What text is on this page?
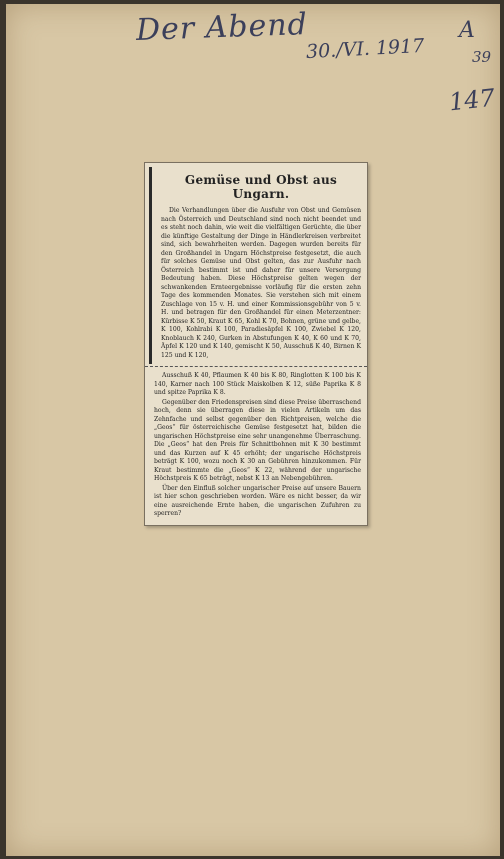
Der Abend
30./VI. 1917
A
39
147
Gemüse und Obst aus Ungarn.

Die Verhandlungen über die Ausfuhr von Obst und Gemüsen nach Österreich und Deutschland sind noch nicht beendet und es steht noch dahin, wie weit die vielfältigen Gerüchte, die über die künftige Gestaltung der Dinge in Händlerkreisen verbreitet sind, sich bewahrheiten werden. Dagegen wurden bereits für den Großhandel in Ungarn Höchstpreise festgesetzt, die auch für solches Gemüse und Obst gelten, das zur Ausfuhr nach Österreich bestimmt ist und daher für unsere Versorgung Bedeutung haben. Diese Höchstpreise gelten wegen der schwankenden Ernteergebnisse vorläufig für die ersten zehn Tage des kommenden Monates. Sie verstehen sich mit einem Zuschlage von 15 v. H. und einer Kommissionsgebühr von 5 v. H. und betragen für den Großhandel für einen Meterzentner: Kürbisse K 50, Kraut K 65, Kohl K 70, Bohnen, grüne und gelbe, K 100, Kohlrabi K 100, Paradiesäpfel K 100, Zwiebel K 120, Knoblauch K 240, Gurken in Abstufungen K 40, K 60 und K 70, Äpfel K 120 und K 140, gemischt K 50, Ausschuß K 40, Birnen K 125 und K 120,

Ausschuß K 40, Pflaumen K 40 bis K 80, Ringlotten K 100 bis K 140, Karner nach 100 Stück Maiskolben K 12, süße Paprika K 8 und spitze Paprika K 8.

Gegenüber den Friedenspreisen sind diese Preise überraschend hoch, denn sie überragen diese in vielen Artikeln um das Zehnfache und selbst gegenüber den Richtpreisen, welche die „Geos“ für österreichische Gemüse festgesetzt hat, bilden die ungarischen Höchstpreise eine sehr unangenehme Überraschung. Die „Geos“ hat den Preis für Schnittbohnen mit K 30 bestimmt und das Kurzen auf K 45 erhöht; der ungarische Höchstpreis beträgt K 100, wozu noch K 30 an Gebühren hinzukommen. Für Kraut bestimmte die „Geos“ K 22, während der ungarische Höchstpreis K 65 beträgt, nebst K 13 an Nebengebühren.

Über den Einfluß solcher ungarischer Preise auf unsere Bauern ist hier schon geschrieben worden. Wäre es nicht besser, da wir eine ausreichende Ernte haben, die ungarischen Zufuhren zu sperren?
